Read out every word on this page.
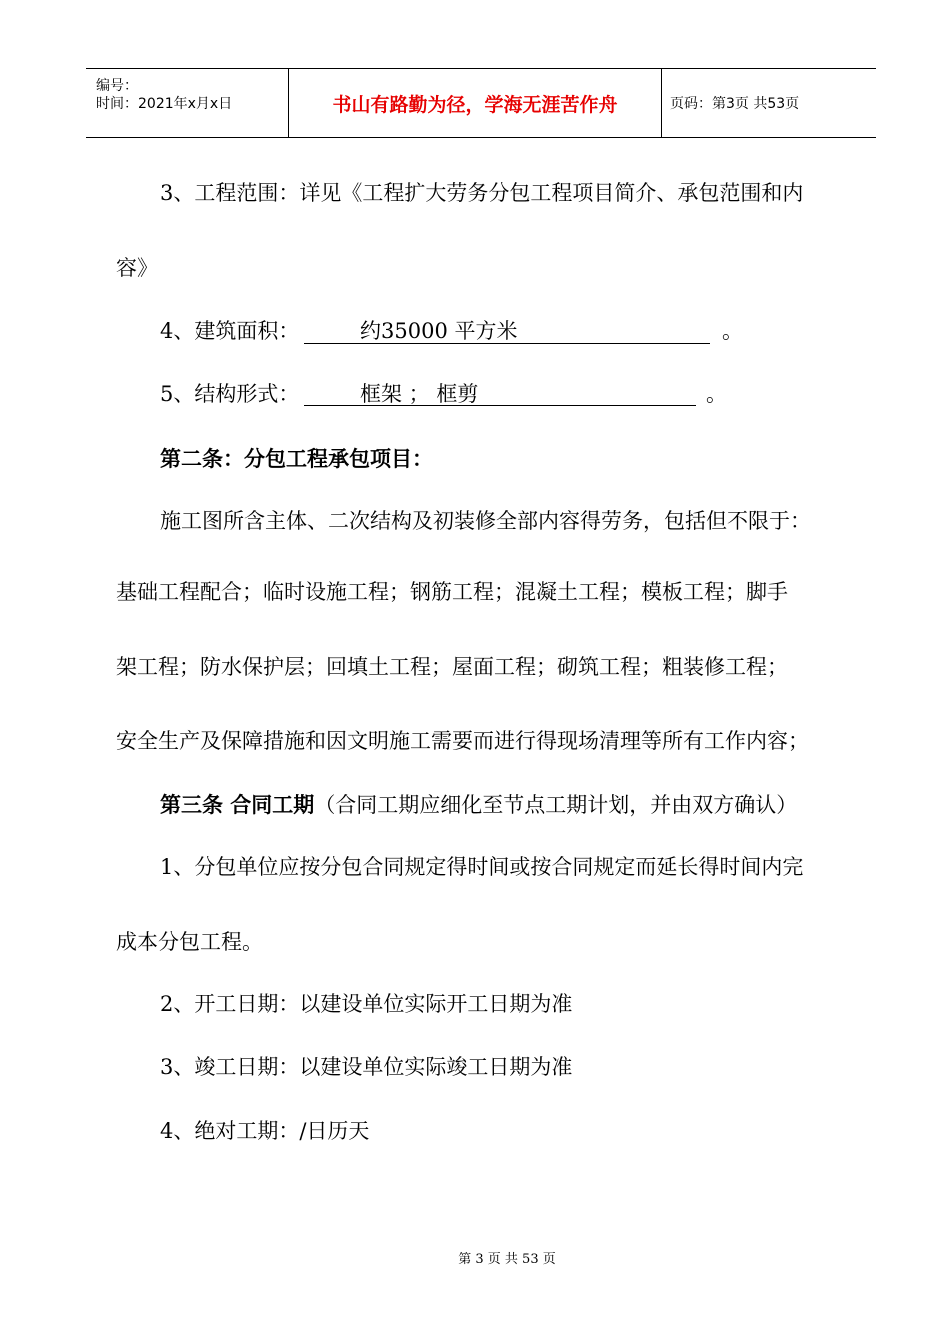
编号：
时间：2021年x月x日	书山有路勤为径，学海无涯苦作舟	页码：第3页 共53页
3、工程范围：详见《工程扩大劳务分包工程项目简介、承包范围和内
容》
4、建筑面积：	约35000 平方米	。
5、结构形式：	框架 ； 框剪	。
第二条：分包工程承包项目：
施工图所含主体、二次结构及初装修全部内容得劳务，包括但不限于：
基础工程配合；临时设施工程；钢筋工程；混凝土工程；模板工程；脚手
架工程；防水保护层；回填土工程；屋面工程；砌筑工程；粗装修工程；
安全生产及保障措施和因文明施工需要而进行得现场清理等所有工作内容；
第三条 合同工期（合同工期应细化至节点工期计划，并由双方确认）
1、分包单位应按分包合同规定得时间或按合同规定而延长得时间内完
成本分包工程。
2、开工日期：以建设单位实际开工日期为准
3、竣工日期：以建设单位实际竣工日期为准
4、绝对工期：/日历天
第 3 页 共 53 页
